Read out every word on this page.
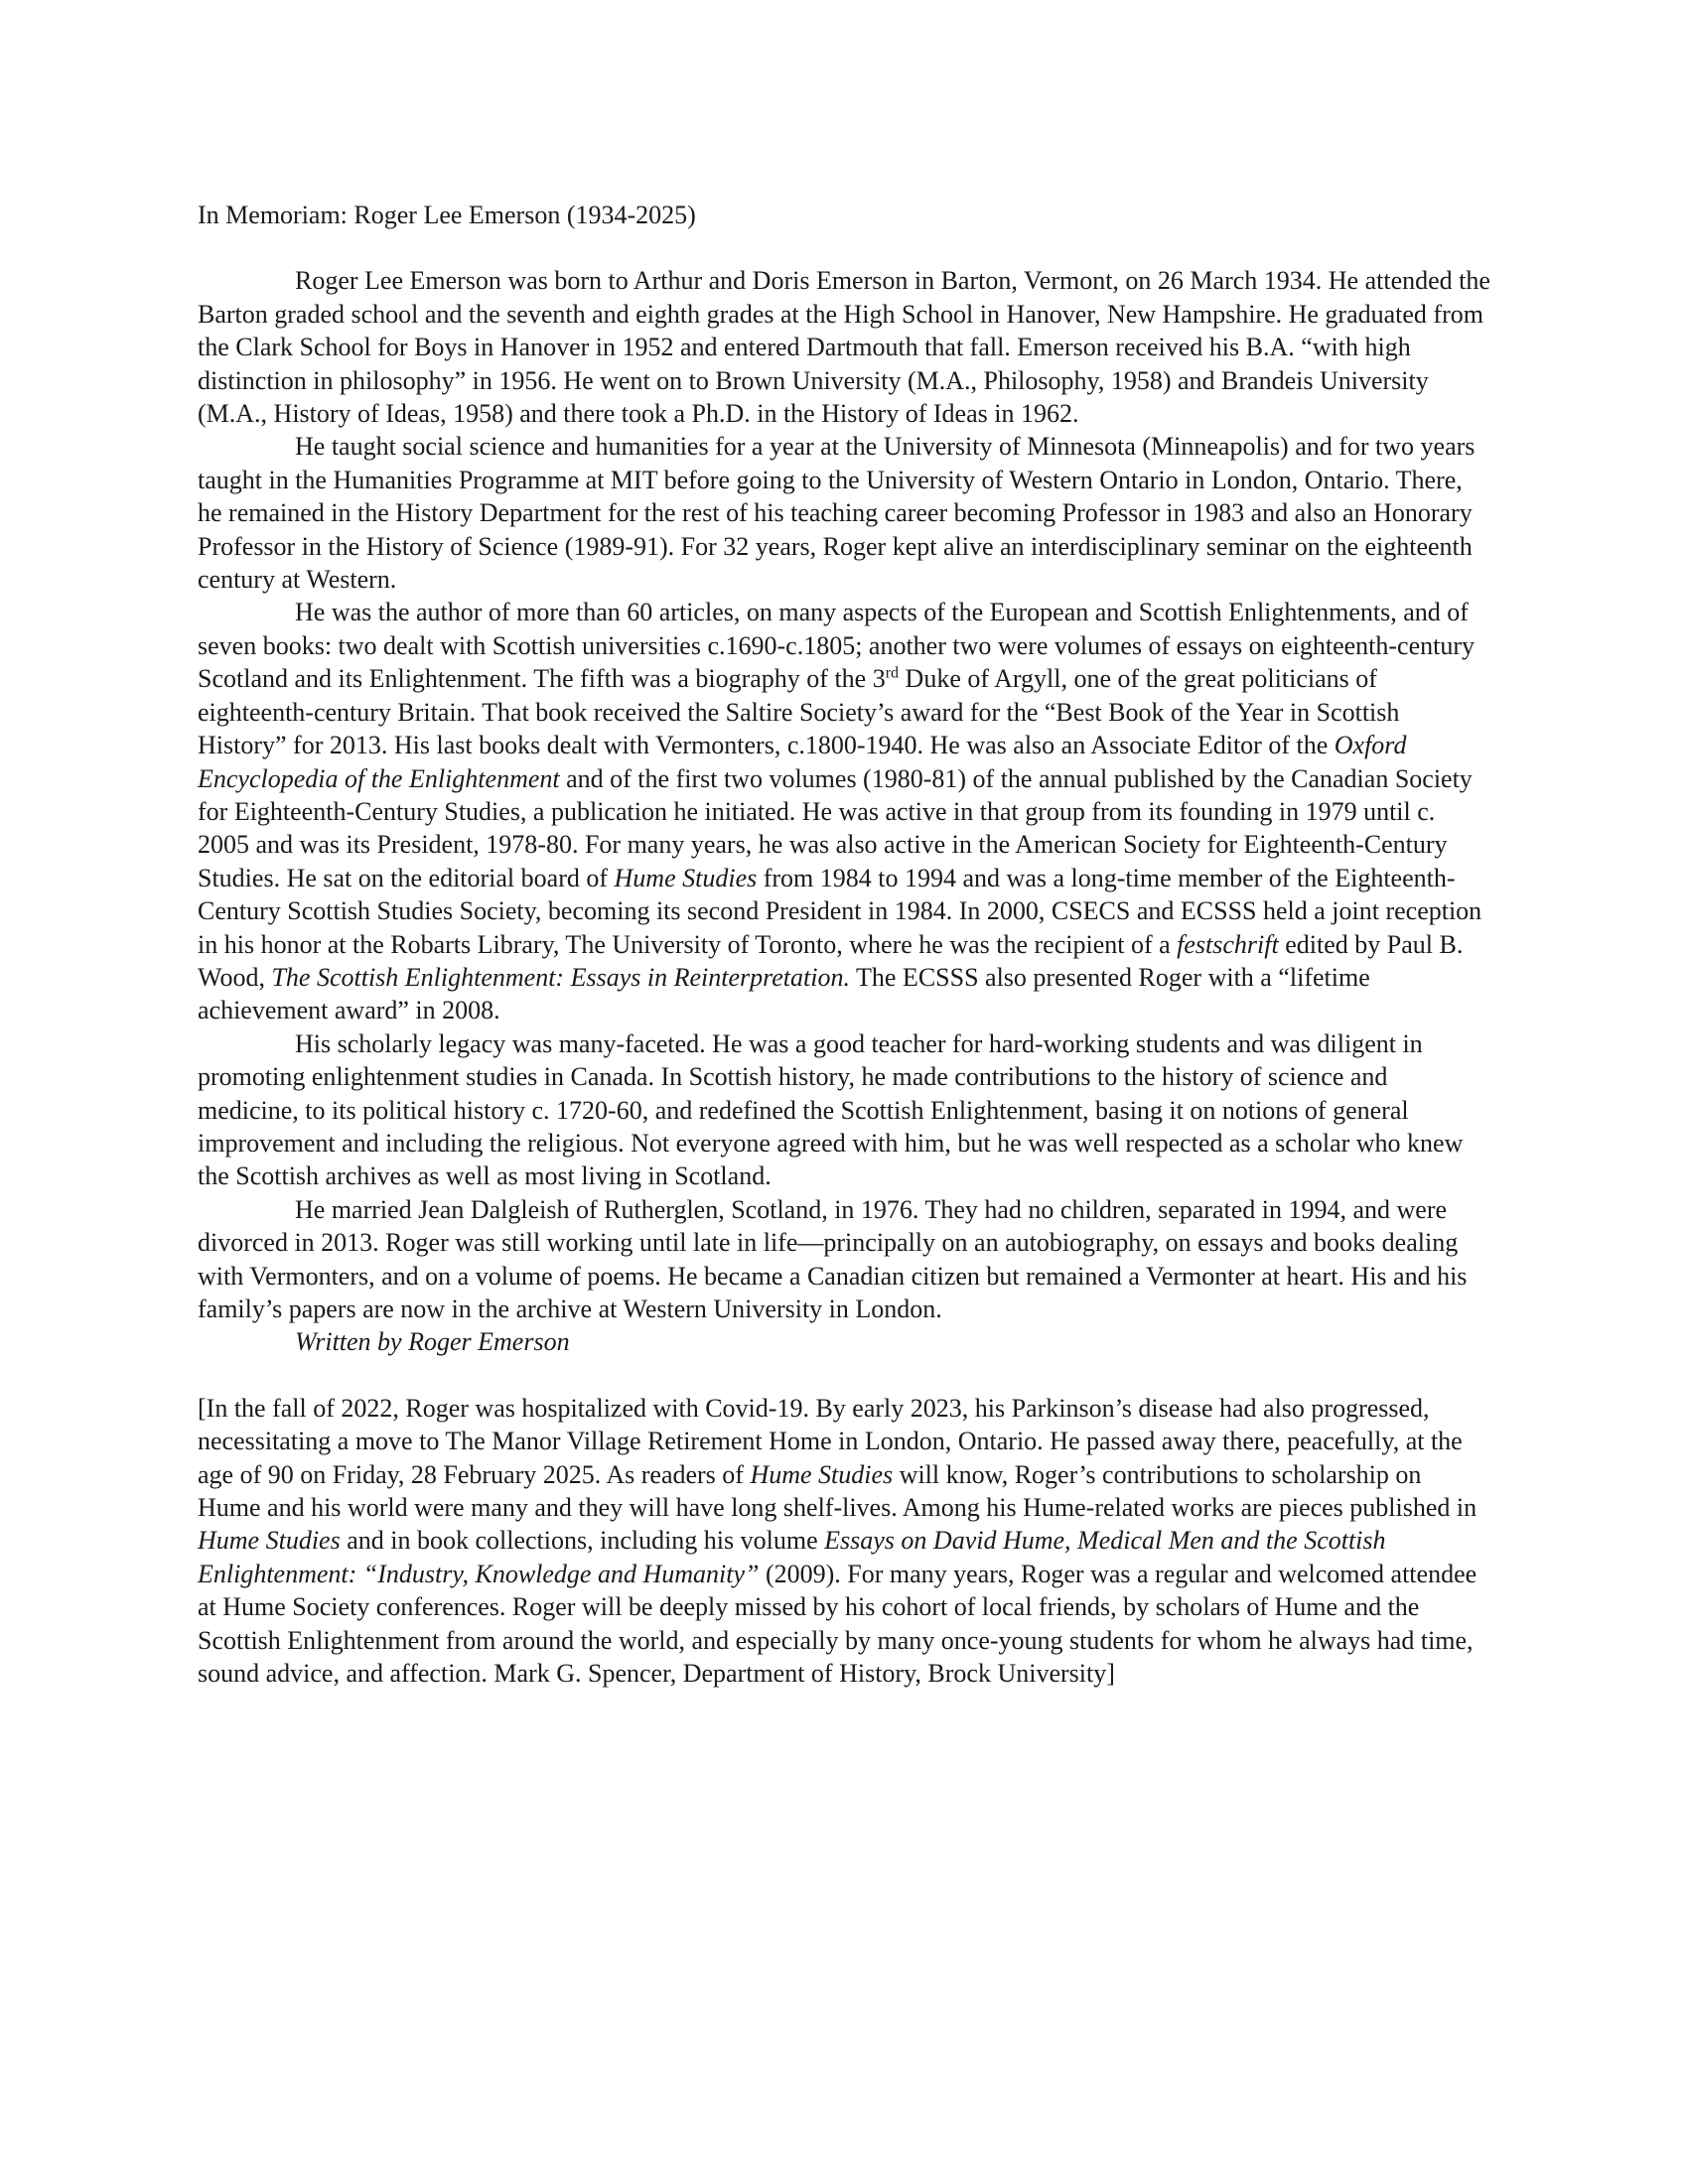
In Memoriam: Roger Lee Emerson (1934-2025)

Roger Lee Emerson was born to Arthur and Doris Emerson in Barton, Vermont, on 26 March 1934. He attended the Barton graded school and the seventh and eighth grades at the High School in Hanover, New Hampshire. He graduated from the Clark School for Boys in Hanover in 1952 and entered Dartmouth that fall. Emerson received his B.A. “with high distinction in philosophy” in 1956. He went on to Brown University (M.A., Philosophy, 1958) and Brandeis University (M.A., History of Ideas, 1958) and there took a Ph.D. in the History of Ideas in 1962.

He taught social science and humanities for a year at the University of Minnesota (Minneapolis) and for two years taught in the Humanities Programme at MIT before going to the University of Western Ontario in London, Ontario. There, he remained in the History Department for the rest of his teaching career becoming Professor in 1983 and also an Honorary Professor in the History of Science (1989-91). For 32 years, Roger kept alive an interdisciplinary seminar on the eighteenth century at Western.

He was the author of more than 60 articles, on many aspects of the European and Scottish Enlightenments, and of seven books: two dealt with Scottish universities c.1690-c.1805; another two were volumes of essays on eighteenth-century Scotland and its Enlightenment. The fifth was a biography of the 3rd Duke of Argyll, one of the great politicians of eighteenth-century Britain. That book received the Saltire Society’s award for the “Best Book of the Year in Scottish History” for 2013. His last books dealt with Vermonters, c.1800-1940. He was also an Associate Editor of the Oxford Encyclopedia of the Enlightenment and of the first two volumes (1980-81) of the annual published by the Canadian Society for Eighteenth-Century Studies, a publication he initiated. He was active in that group from its founding in 1979 until c. 2005 and was its President, 1978-80. For many years, he was also active in the American Society for Eighteenth-Century Studies. He sat on the editorial board of Hume Studies from 1984 to 1994 and was a long-time member of the Eighteenth-Century Scottish Studies Society, becoming its second President in 1984. In 2000, CSECS and ECSSS held a joint reception in his honor at the Robarts Library, The University of Toronto, where he was the recipient of a festschrift edited by Paul B. Wood, The Scottish Enlightenment: Essays in Reinterpretation. The ECSSS also presented Roger with a “lifetime achievement award” in 2008.

His scholarly legacy was many-faceted. He was a good teacher for hard-working students and was diligent in promoting enlightenment studies in Canada. In Scottish history, he made contributions to the history of science and medicine, to its political history c. 1720-60, and redefined the Scottish Enlightenment, basing it on notions of general improvement and including the religious. Not everyone agreed with him, but he was well respected as a scholar who knew the Scottish archives as well as most living in Scotland.

He married Jean Dalgleish of Rutherglen, Scotland, in 1976. They had no children, separated in 1994, and were divorced in 2013. Roger was still working until late in life—principally on an autobiography, on essays and books dealing with Vermonters, and on a volume of poems. He became a Canadian citizen but remained a Vermonter at heart. His and his family’s papers are now in the archive at Western University in London.

Written by Roger Emerson

[In the fall of 2022, Roger was hospitalized with Covid-19. By early 2023, his Parkinson’s disease had also progressed, necessitating a move to The Manor Village Retirement Home in London, Ontario. He passed away there, peacefully, at the age of 90 on Friday, 28 February 2025. As readers of Hume Studies will know, Roger’s contributions to scholarship on Hume and his world were many and they will have long shelf-lives. Among his Hume-related works are pieces published in Hume Studies and in book collections, including his volume Essays on David Hume, Medical Men and the Scottish Enlightenment: “Industry, Knowledge and Humanity” (2009). For many years, Roger was a regular and welcomed attendee at Hume Society conferences. Roger will be deeply missed by his cohort of local friends, by scholars of Hume and the Scottish Enlightenment from around the world, and especially by many once-young students for whom he always had time, sound advice, and affection. Mark G. Spencer, Department of History, Brock University]
